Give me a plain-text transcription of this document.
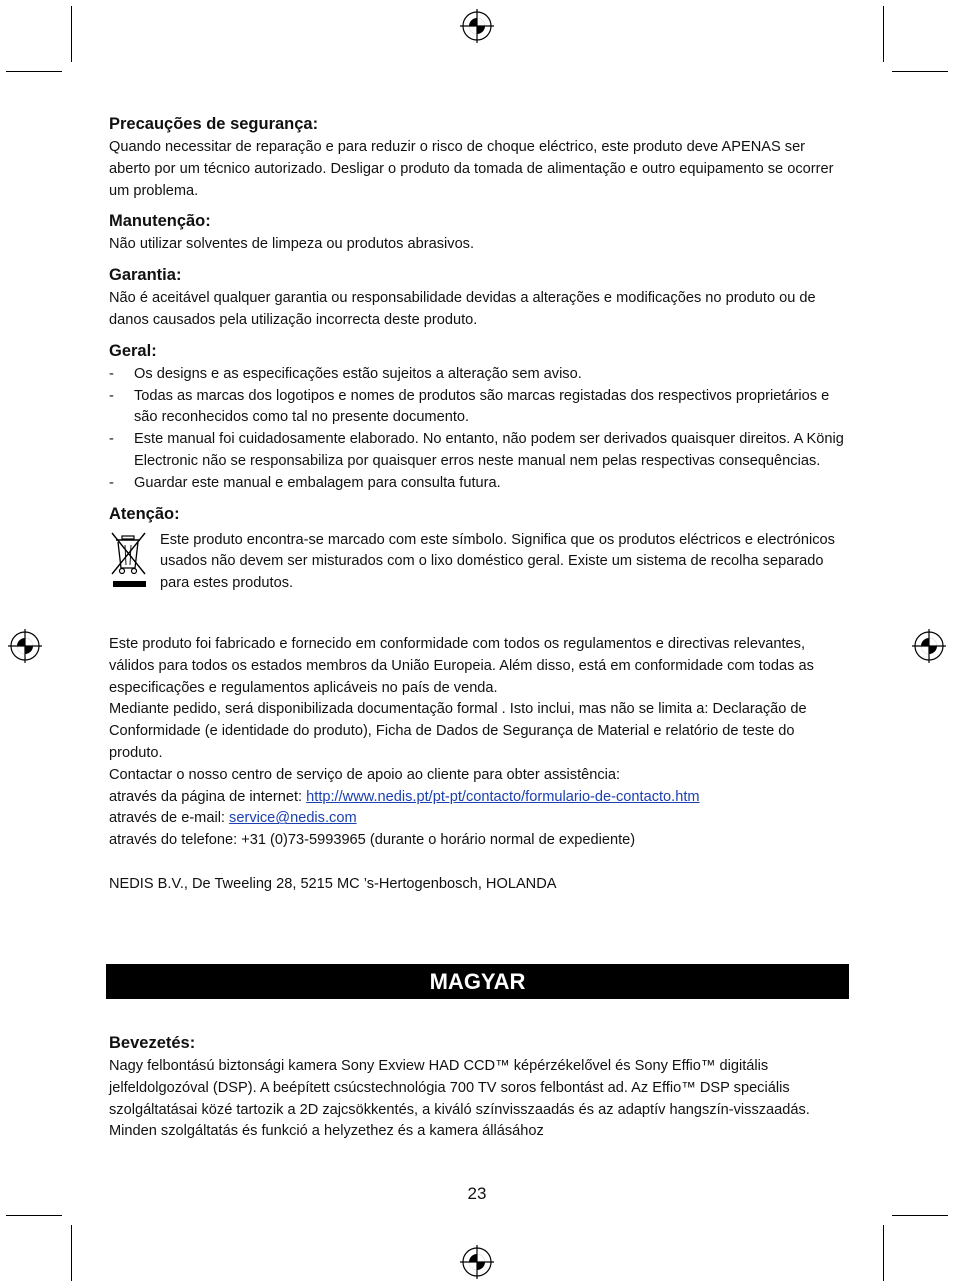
Precauções de segurança:

Quando necessitar de reparação e para reduzir o risco de choque eléctrico, este produto deve APENAS ser aberto por um técnico autorizado. Desligar o produto da tomada de alimentação e outro equipamento se ocorrer um problema.

Manutenção:

Não utilizar solventes de limpeza ou produtos abrasivos.

Garantia:

Não é aceitável qualquer garantia ou responsabilidade devidas a alterações e modificações no produto ou de danos causados pela utilização incorrecta deste produto.

Geral:
- Os designs e as especificações estão sujeitos a alteração sem aviso.
- Todas as marcas dos logotipos e nomes de produtos são marcas registadas dos respectivos proprietários e são reconhecidos como tal no presente documento.
- Este manual foi cuidadosamente elaborado. No entanto, não podem ser derivados quaisquer direitos. A König Electronic não se responsabiliza por quaisquer erros neste manual nem pelas respectivas consequências.
- Guardar este manual e embalagem para consulta futura.
Atenção:

Este produto encontra-se marcado com este símbolo. Significa que os produtos eléctricos e electrónicos usados não devem ser misturados com o lixo doméstico geral. Existe um sistema de recolha separado para estes produtos.

Este produto foi fabricado e fornecido em conformidade com todos os regulamentos e directivas relevantes, válidos para todos os estados membros da União Europeia. Além disso, está em conformidade com todas as especificações e regulamentos aplicáveis no país de venda.

Mediante pedido, será disponibilizada documentação formal . Isto inclui, mas não se limita a: Declaração de Conformidade (e identidade do produto), Ficha de Dados de Segurança de Material e relatório de teste do produto.

Contactar o nosso centro de serviço de apoio ao cliente para obter assistência:

através da página de internet: http://www.nedis.pt/pt-pt/contacto/formulario-de-contacto.htm

através de e-mail: service@nedis.com

através do telefone: +31 (0)73-5993965 (durante o horário normal de expediente)

NEDIS B.V., De Tweeling 28, 5215 MC ’s-Hertogenbosch, HOLANDA

MAGYAR
Bevezetés:

Nagy felbontású biztonsági kamera Sony Exview HAD CCD™ képérzékelővel és Sony Effio™ digitális jelfeldolgozóval (DSP). A beépített csúcstechnológia 700 TV soros felbontást ad. Az Effio™ DSP speciális szolgáltatásai közé tartozik a 2D zajcsökkentés, a kiváló színvisszaadás és az adaptív hangszín-visszaadás. Minden szolgáltatás és funkció a helyzethez és a kamera állásához

23
